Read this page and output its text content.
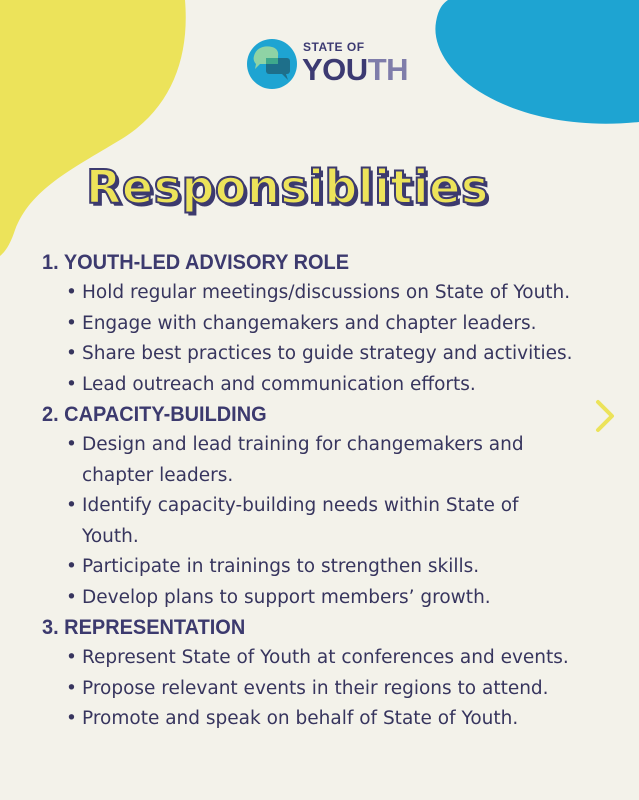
STATE OF
YOUTH
Responsiblities
1. YOUTH-LED ADVISORY ROLE
• Hold regular meetings/discussions on State of Youth.
• Engage with changemakers and chapter leaders.
• Share best practices to guide strategy and activities.
• Lead outreach and communication efforts.
2. CAPACITY-BUILDING
• Design and lead training for changemakers and chapter leaders.
• Identify capacity-building needs within State of Youth.
• Participate in trainings to strengthen skills.
• Develop plans to support members’ growth.
3. REPRESENTATION
• Represent State of Youth at conferences and events.
• Propose relevant events in their regions to attend.
• Promote and speak on behalf of State of Youth.
